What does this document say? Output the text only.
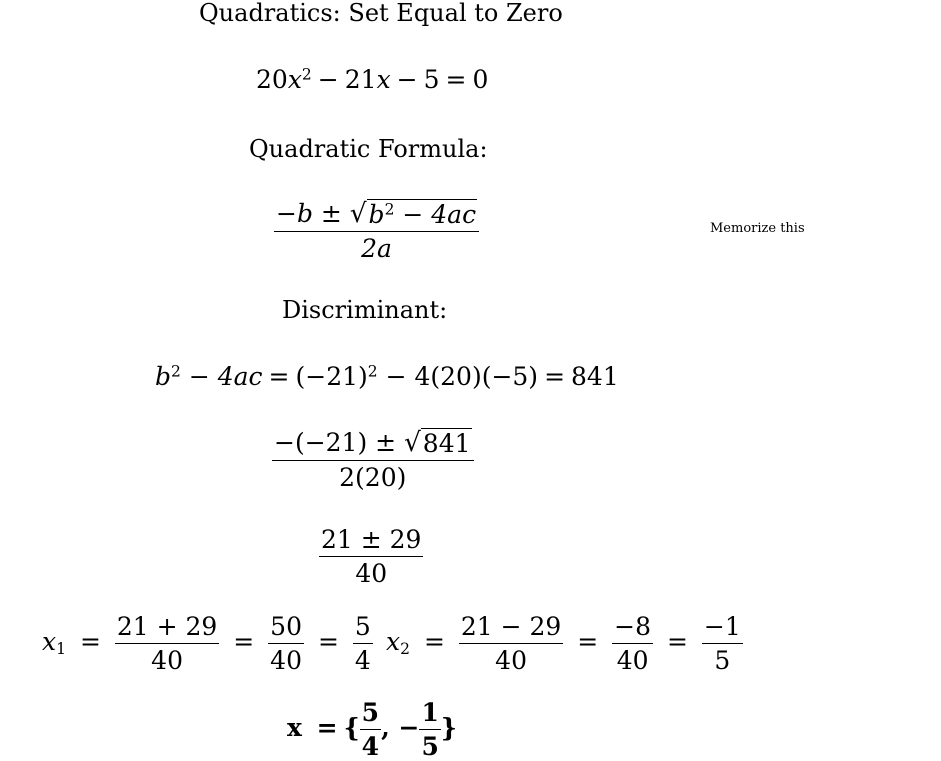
Quadratics: Set Equal to Zero
$20x^2 - 21x - 5 = 0$
Quadratic Formula:
$\frac{-b \pm √ b^2 - 4ac}{2a}$	Memorize this
Discriminant:
$b^2 - 4ac = (-21)^2 - 4(20)(-5) = 841$
$\frac{-(-21) \pm √ 841}{2(20)}$
$\frac{21 \pm 29}{40}$
$x_1 = \frac{21 + 29}{40} = \frac{50}{40} = \frac{5}{4} x_2 = \frac{21 - 29}{40} = \frac{-8}{40} = \frac{-1}{5}$
x = { $\frac{5}{4}$ , − $\frac{1}{5}$ }
